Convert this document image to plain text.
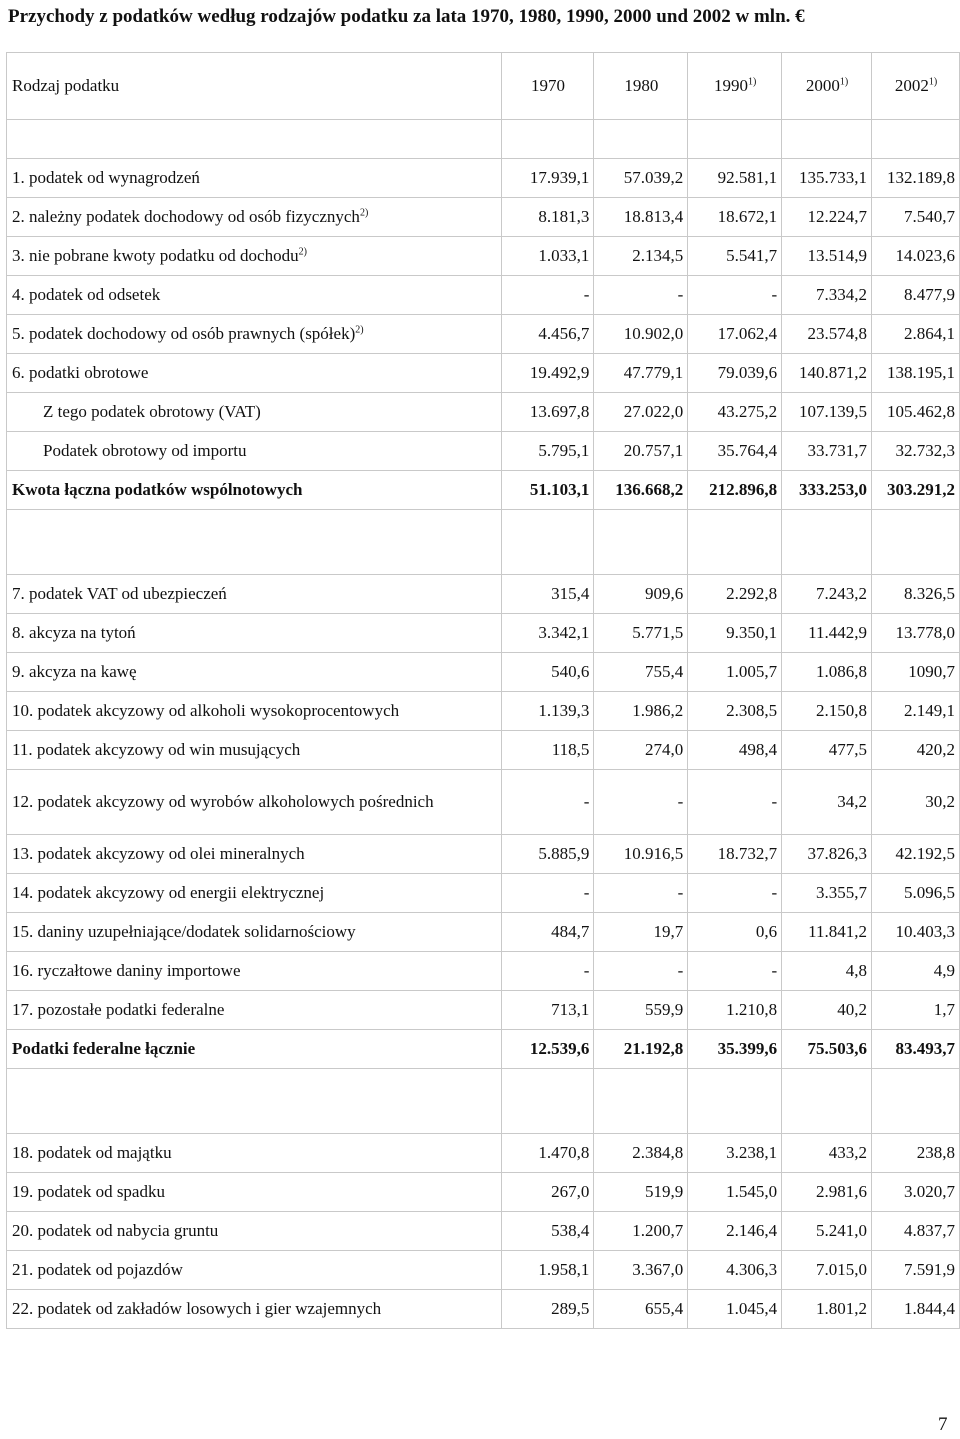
Przychody z podatków według rodzajów podatku za lata 1970, 1980, 1990, 2000 und 2002 w mln. €
Rodzaj podatku	1970	1980	1990$^{1)}$	2000$^{1)}$	2002$^{1)}$

1. podatek od wynagrodzeń	17.939,1	57.039,2	92.581,1	135.733,1	132.189,8
2. należny podatek dochodowy od osób fizycznych$^{2)}$	8.181,3	18.813,4	18.672,1	12.224,7	7.540,7
3. nie pobrane kwoty podatku od dochodu$^{2)}$	1.033,1	2.134,5	5.541,7	13.514,9	14.023,6
4. podatek od odsetek	-	-	-	7.334,2	8.477,9
5. podatek dochodowy od osób prawnych (spółek)$^{2)}$	4.456,7	10.902,0	17.062,4	23.574,8	2.864,1
6. podatki obrotowe	19.492,9	47.779,1	79.039,6	140.871,2	138.195,1
Z tego podatek obrotowy (VAT)	13.697,8	27.022,0	43.275,2	107.139,5	105.462,8
Podatek obrotowy od importu	5.795,1	20.757,1	35.764,4	33.731,7	32.732,3
Kwota łączna podatków wspólnotowych	51.103,1	136.668,2	212.896,8	333.253,0	303.291,2

7. podatek VAT od ubezpieczeń	315,4	909,6	2.292,8	7.243,2	8.326,5
8. akcyza na tytoń	3.342,1	5.771,5	9.350,1	11.442,9	13.778,0
9. akcyza na kawę	540,6	755,4	1.005,7	1.086,8	1090,7
10. podatek akcyzowy od alkoholi wysokoprocentowych	1.139,3	1.986,2	2.308,5	2.150,8	2.149,1
11. podatek akcyzowy od win musujących	118,5	274,0	498,4	477,5	420,2
12. podatek akcyzowy od wyrobów alkoholowych pośrednich	-	-	-	34,2	30,2
13. podatek akcyzowy od olei mineralnych	5.885,9	10.916,5	18.732,7	37.826,3	42.192,5
14. podatek akcyzowy od energii elektrycznej	-	-	-	3.355,7	5.096,5
15. daniny uzupełniające/dodatek solidarnościowy	484,7	19,7	0,6	11.841,2	10.403,3
16. ryczałtowe daniny importowe	-	-	-	4,8	4,9
17. pozostałe podatki federalne	713,1	559,9	1.210,8	40,2	1,7
Podatki federalne łącznie	12.539,6	21.192,8	35.399,6	75.503,6	83.493,7

18. podatek od majątku	1.470,8	2.384,8	3.238,1	433,2	238,8
19. podatek od spadku	267,0	519,9	1.545,0	2.981,6	3.020,7
20. podatek od nabycia gruntu	538,4	1.200,7	2.146,4	5.241,0	4.837,7
21. podatek od pojazdów	1.958,1	3.367,0	4.306,3	7.015,0	7.591,9
22. podatek od zakładów losowych i gier wzajemnych	289,5	655,4	1.045,4	1.801,2	1.844,4
7
